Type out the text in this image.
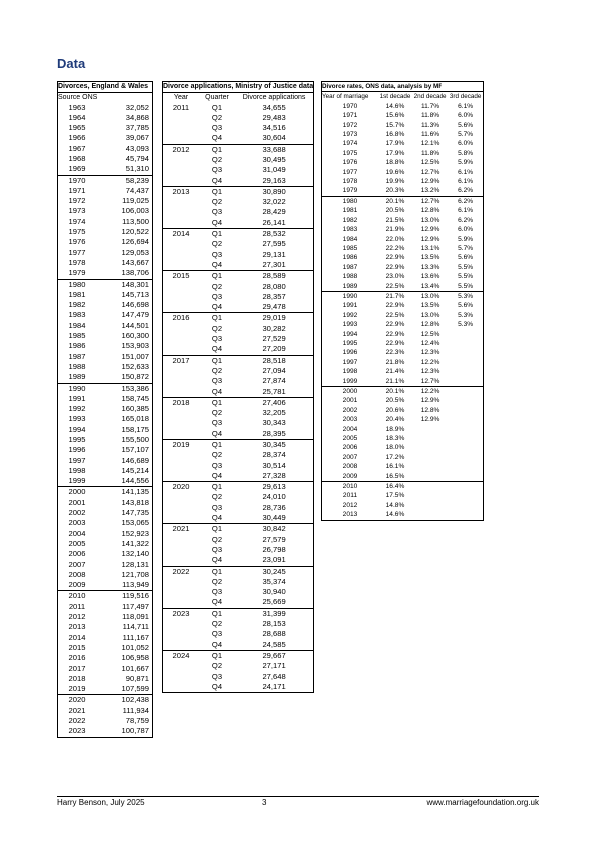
Data
Divorces, England & Wales	
Source ONS	
1963	32,052
1964	34,868
1965	37,785
1966	39,067
1967	43,093
1968	45,794
1969	51,310
1970	58,239
1971	74,437
1972	119,025
1973	106,003
1974	113,500
1975	120,522
1976	126,694
1977	129,053
1978	143,667
1979	138,706
1980	148,301
1981	145,713
1982	146,698
1983	147,479
1984	144,501
1985	160,300
1986	153,903
1987	151,007
1988	152,633
1989	150,872
1990	153,386
1991	158,745
1992	160,385
1993	165,018
1994	158,175
1995	155,500
1996	157,107
1997	146,689
1998	145,214
1999	144,556
2000	141,135
2001	143,818
2002	147,735
2003	153,065
2004	152,923
2005	141,322
2006	132,140
2007	128,131
2008	121,708
2009	113,949
2010	119,516
2011	117,497
2012	118,091
2013	114,711
2014	111,167
2015	101,052
2016	106,958
2017	101,667
2018	90,871
2019	107,599
2020	102,438
2021	111,934
2022	78,759
2023	100,787
Divorce applications, Ministry of Justice data		
Year	Quarter	Divorce applications
2011	Q1	34,655
	Q2	29,483
	Q3	34,516
	Q4	30,604
2012	Q1	33,688
	Q2	30,495
	Q3	31,049
	Q4	29,163
2013	Q1	30,890
	Q2	32,022
	Q3	28,429
	Q4	26,141
2014	Q1	28,532
	Q2	27,595
	Q3	29,131
	Q4	27,301
2015	Q1	28,589
	Q2	28,080
	Q3	28,357
	Q4	29,478
2016	Q1	29,019
	Q2	30,282
	Q3	27,529
	Q4	27,209
2017	Q1	28,518
	Q2	27,094
	Q3	27,874
	Q4	25,781
2018	Q1	27,406
	Q2	32,205
	Q3	30,343
	Q4	28,395
2019	Q1	30,345
	Q2	28,374
	Q3	30,514
	Q4	27,328
2020	Q1	29,613
	Q2	24,010
	Q3	28,736
	Q4	30,449
2021	Q1	30,842
	Q2	27,579
	Q3	26,798
	Q4	23,091
2022	Q1	30,245
	Q2	35,374
	Q3	30,940
	Q4	25,669
2023	Q1	31,399
	Q2	28,153
	Q3	28,688
	Q4	24,585
2024	Q1	29,667
	Q2	27,171
	Q3	27,648
	Q4	24,171
Divorce rates, ONS data, analysis by MF			
Year of marriage	1st decade	2nd decade	3rd decade
1970	14.6%	11.7%	6.1%
1971	15.6%	11.8%	6.0%
1972	15.7%	11.3%	5.6%
1973	16.8%	11.6%	5.7%
1974	17.9%	12.1%	6.0%
1975	17.9%	11.8%	5.8%
1976	18.8%	12.5%	5.9%
1977	19.6%	12.7%	6.1%
1978	19.9%	12.9%	6.1%
1979	20.3%	13.2%	6.2%
1980	20.1%	12.7%	6.2%
1981	20.5%	12.8%	6.1%
1982	21.5%	13.0%	6.2%
1983	21.9%	12.9%	6.0%
1984	22.0%	12.9%	5.9%
1985	22.2%	13.1%	5.7%
1986	22.9%	13.5%	5.6%
1987	22.9%	13.3%	5.5%
1988	23.0%	13.6%	5.5%
1989	22.5%	13.4%	5.5%
1990	21.7%	13.0%	5.3%
1991	22.9%	13.5%	5.6%
1992	22.5%	13.0%	5.3%
1993	22.9%	12.8%	5.3%
1994	22.9%	12.5%	
1995	22.9%	12.4%	
1996	22.3%	12.3%	
1997	21.8%	12.2%	
1998	21.4%	12.3%	
1999	21.1%	12.7%	
2000	20.1%	12.2%	
2001	20.5%	12.9%	
2002	20.6%	12.8%	
2003	20.4%	12.9%	
2004	18.9%		
2005	18.3%		
2006	18.0%		
2007	17.2%		
2008	16.1%		
2009	16.5%		
2010	16.4%		
2011	17.5%		
2012	14.8%		
2013	14.6%		
Harry Benson, July 2025	3	www.marriagefoundation.org.uk
